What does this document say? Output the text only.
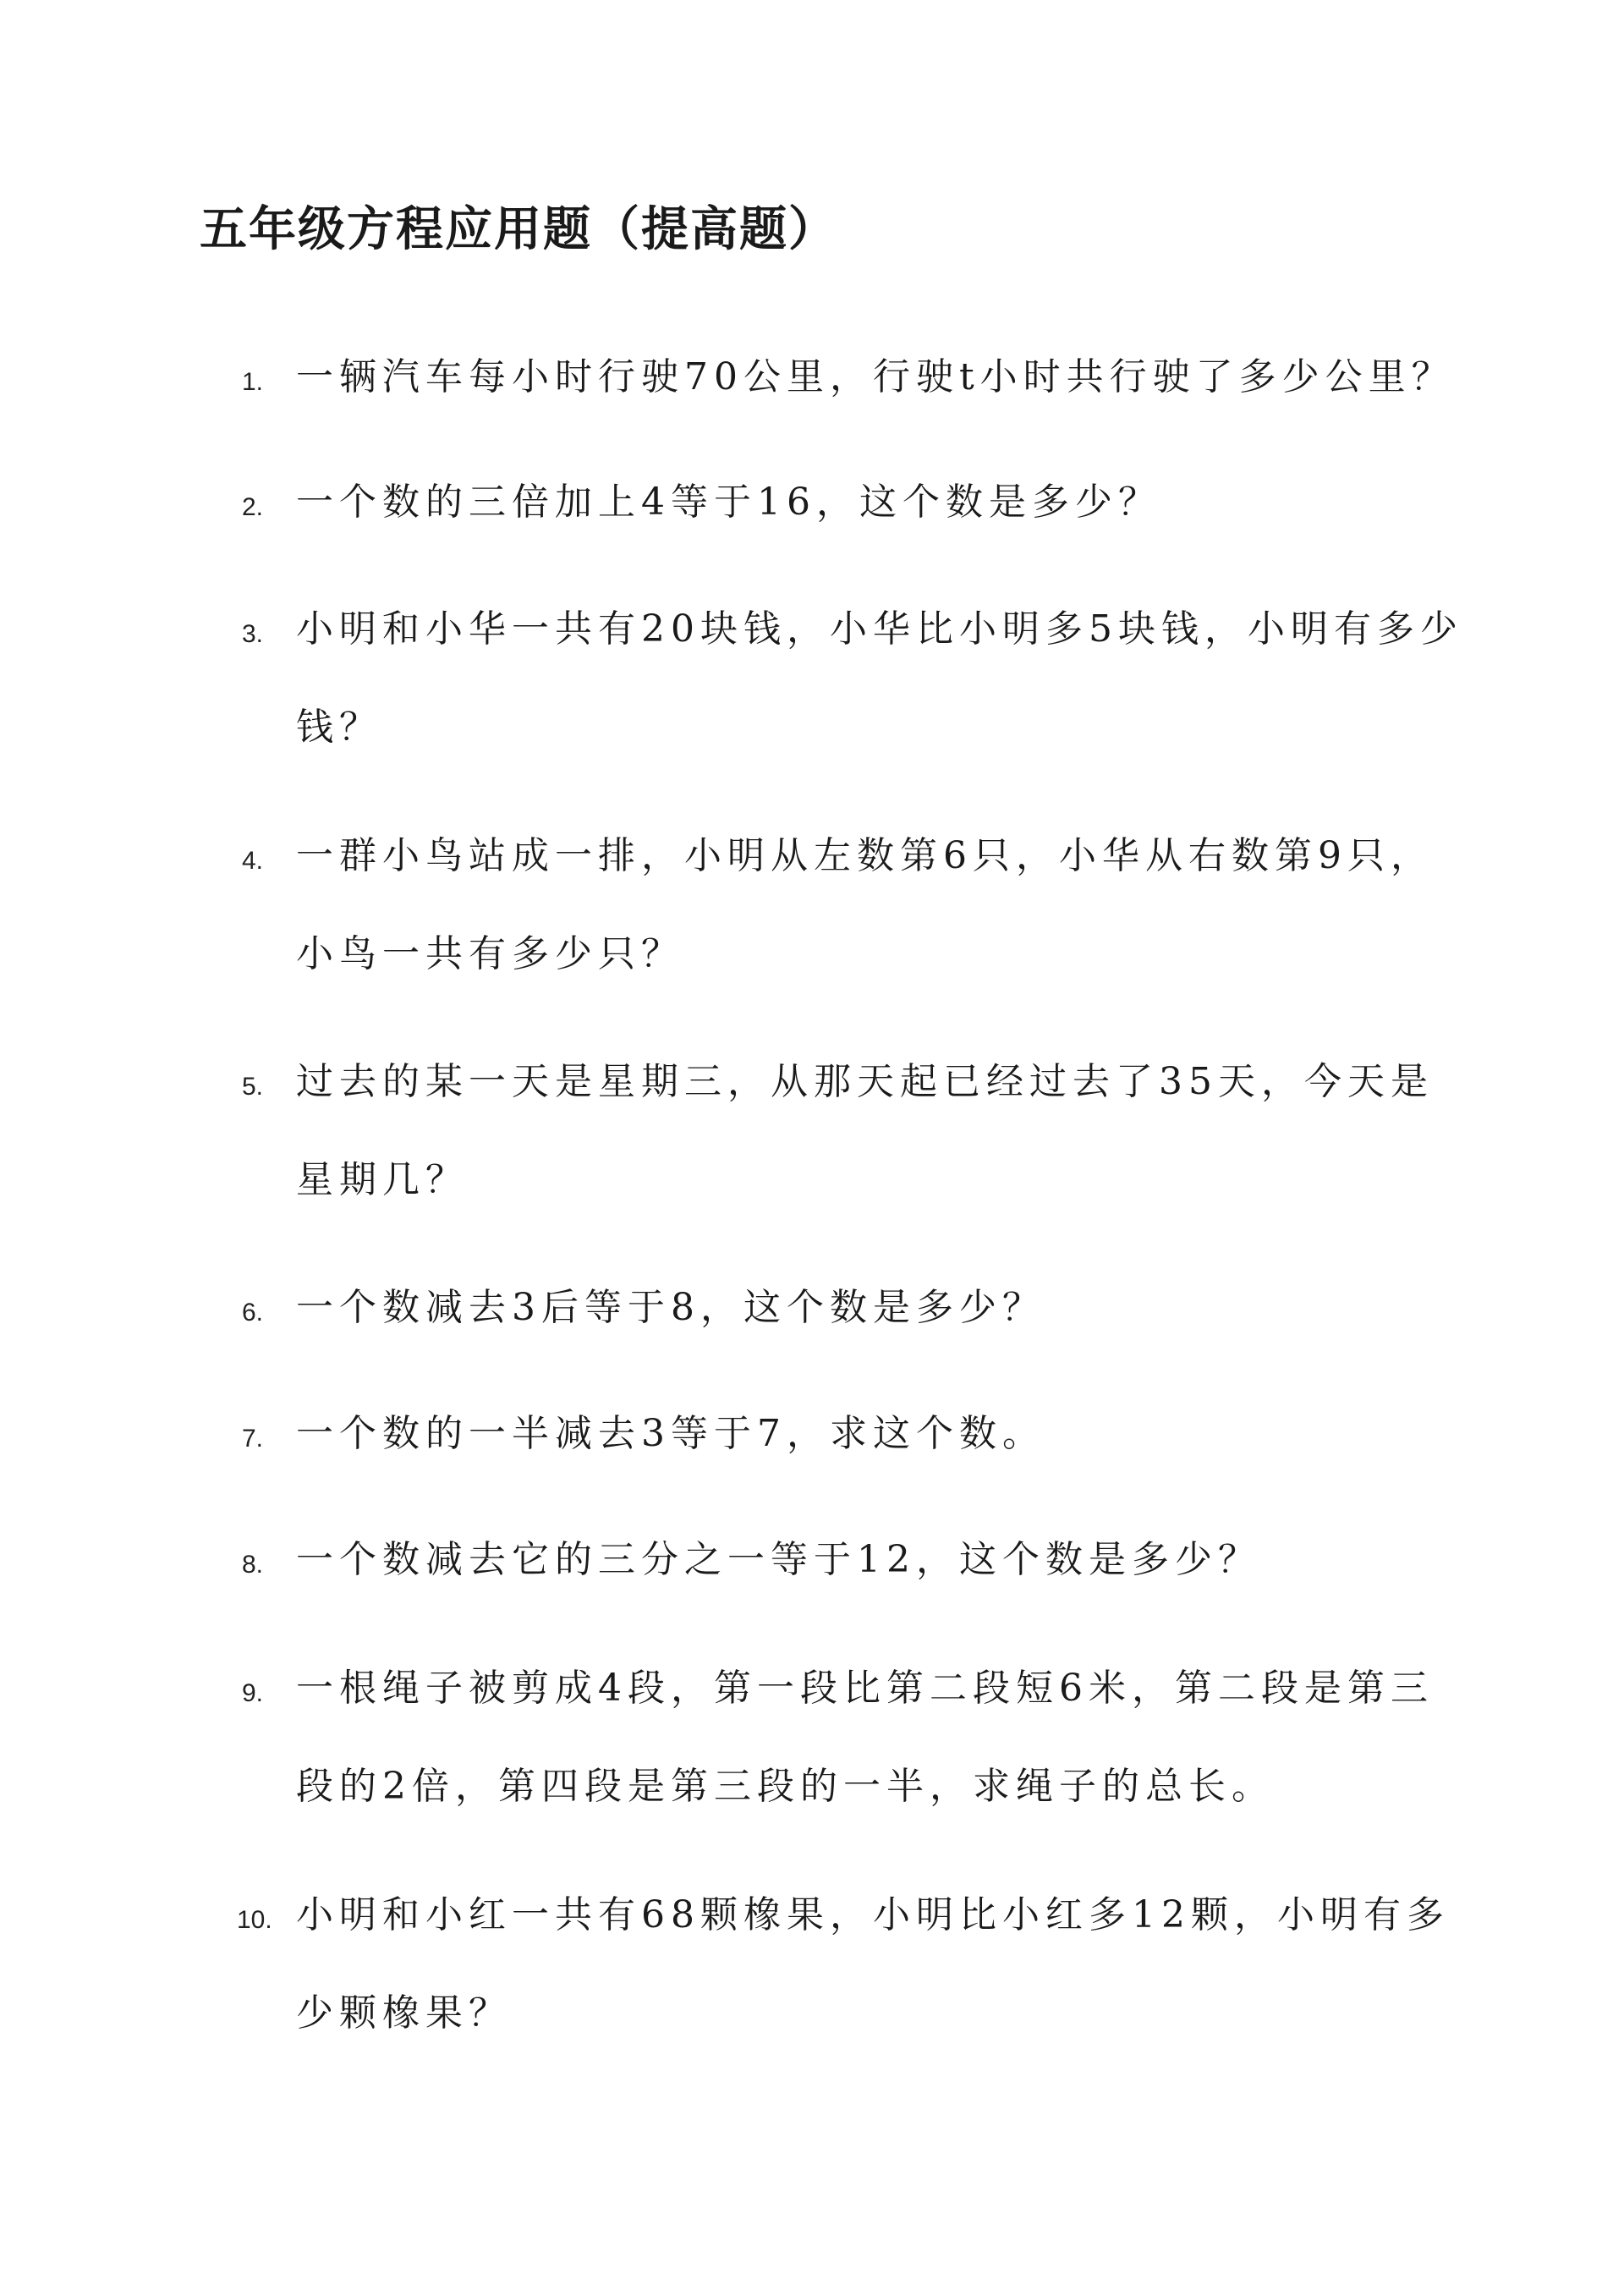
五年级方程应用题（提高题）
1. 一辆汽车每小时行驶70公里，行驶t小时共行驶了多少公里？
2. 一个数的三倍加上4等于16，这个数是多少？
3. 小明和小华一共有20块钱，小华比小明多5块钱，小明有多少
钱？
4. 一群小鸟站成一排，小明从左数第6只，小华从右数第9只，
小鸟一共有多少只？
5. 过去的某一天是星期三，从那天起已经过去了35天，今天是
星期几？
6. 一个数减去3后等于8，这个数是多少？
7. 一个数的一半减去3等于7，求这个数。
8. 一个数减去它的三分之一等于12，这个数是多少？
9. 一根绳子被剪成4段，第一段比第二段短6米，第二段是第三
段的2倍，第四段是第三段的一半，求绳子的总长。
10. 小明和小红一共有68颗橡果，小明比小红多12颗，小明有多
少颗橡果？
